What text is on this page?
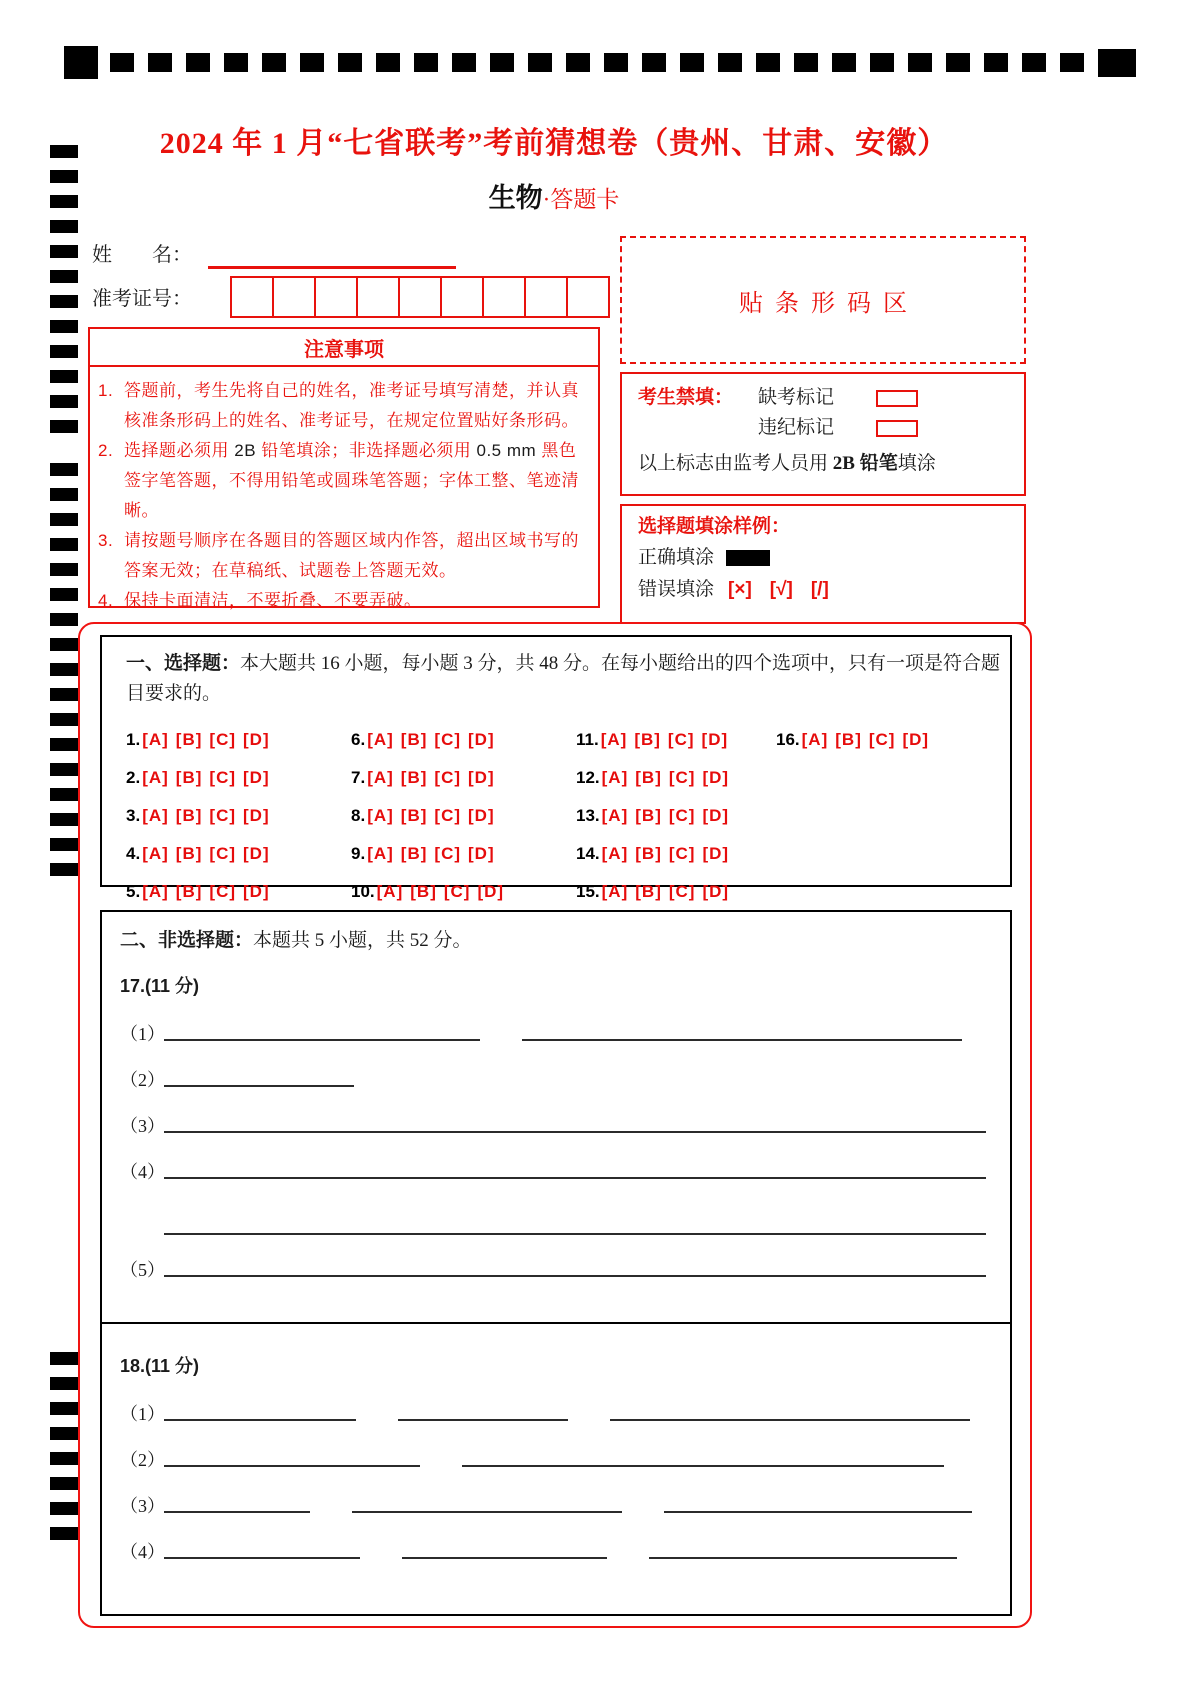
2024 年 1 月“七省联考”考前猜想卷（贵州、甘肃、安徽）
生物·答题卡
姓　　名：
准考证号：
注意事项
1. 答题前，考生先将自己的姓名，准考证号填写清楚，并认真核准条形码上的姓名、准考证号，在规定位置贴好条形码。
2. 选择题必须用 2B 铅笔填涂；非选择题必须用 0.5 mm 黑色签字笔答题，不得用铅笔或圆珠笔答题；字体工整、笔迹清晰。
3. 请按题号顺序在各题目的答题区域内作答，超出区域书写的答案无效；在草稿纸、试题卷上答题无效。
4. 保持卡面清洁，不要折叠、不要弄破。
贴条形码区
考生禁填：	缺考标记
违纪标记
以上标志由监考人员用 2B 铅笔填涂
选择题填涂样例：
正确填涂
错误填涂 [×] [√] [/]
一、选择题：本大题共 16 小题，每小题 3 分，共 48 分。在每小题给出的四个选项中，只有一项是符合题目要求的。
1. [A] [B] [C] [D]
2. [A] [B] [C] [D]
3. [A] [B] [C] [D]
4. [A] [B] [C] [D]
5. [A] [B] [C] [D]
6. [A] [B] [C] [D]
7. [A] [B] [C] [D]
8. [A] [B] [C] [D]
9. [A] [B] [C] [D]
10. [A] [B] [C] [D]
11. [A] [B] [C] [D]
12. [A] [B] [C] [D]
13. [A] [B] [C] [D]
14. [A] [B] [C] [D]
15. [A] [B] [C] [D]
16. [A] [B] [C] [D]
二、非选择题：本题共 5 小题，共 52 分。
17.(11 分)
（1）
（2）
（3）
（4）
（5）
18.(11 分)
（1）
（2）
（3）
（4）
